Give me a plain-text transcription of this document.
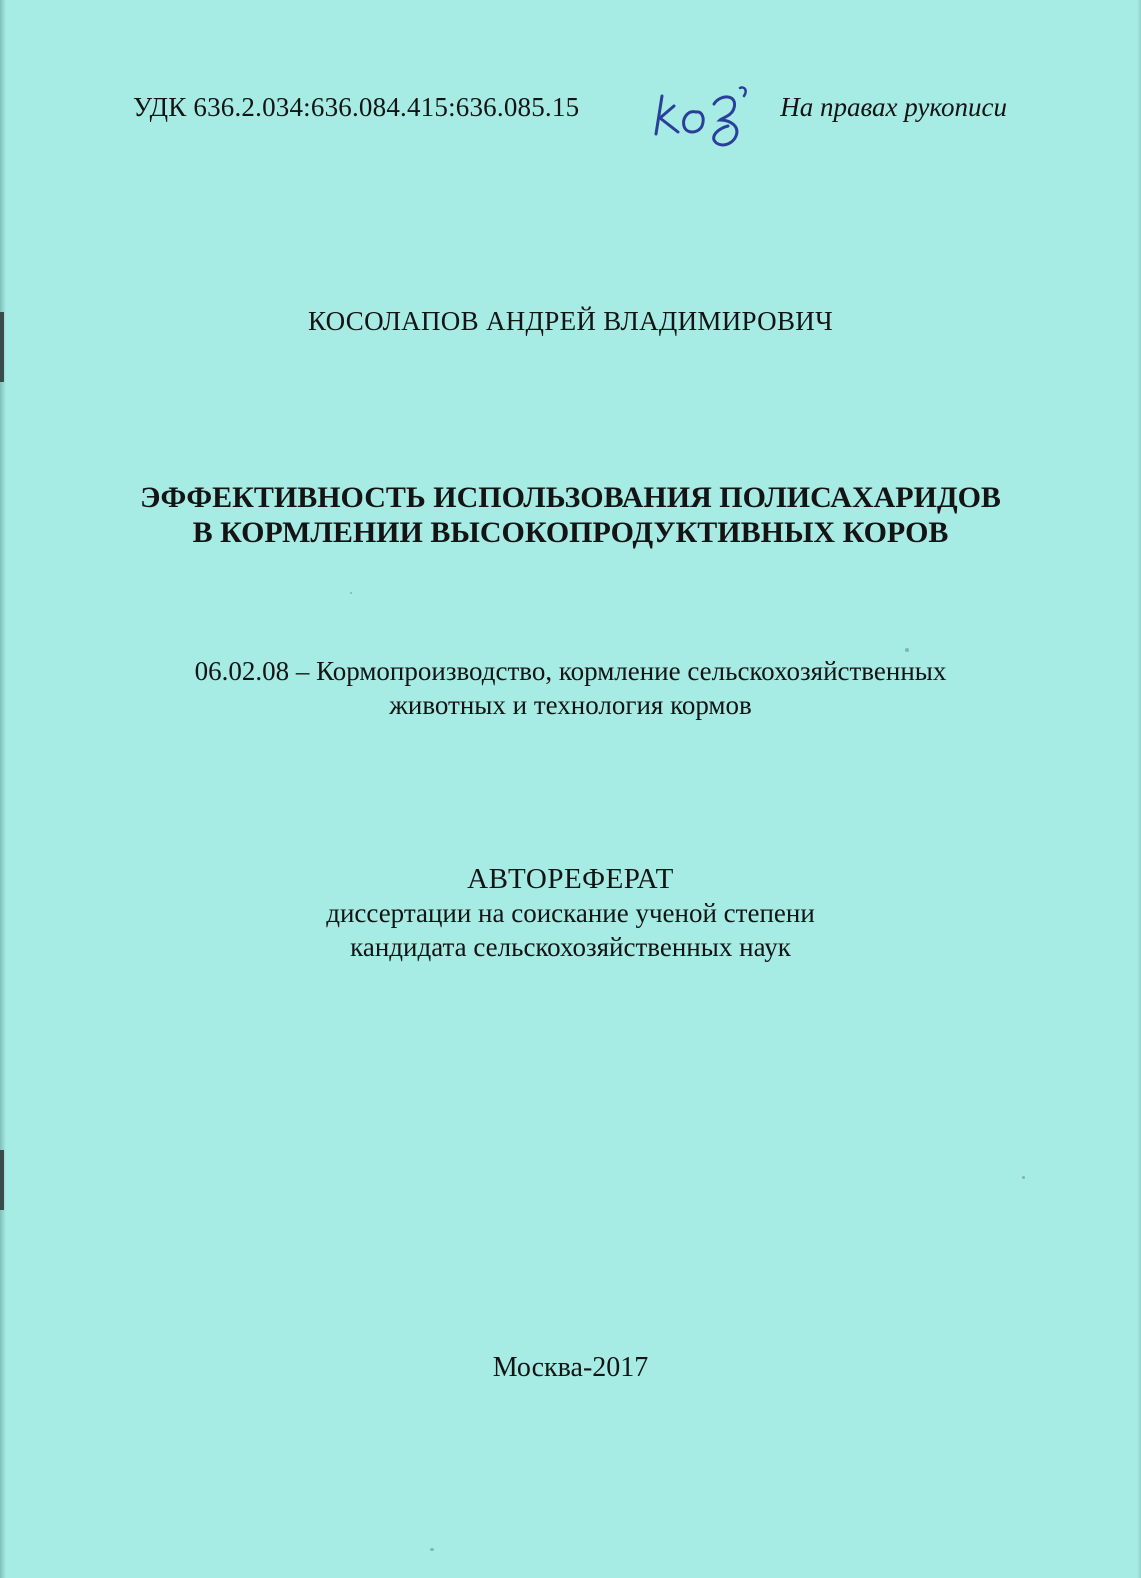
УДК 636.2.034:636.084.415:636.085.15	На правах рукописи
КОСОЛАПОВ АНДРЕЙ ВЛАДИМИРОВИЧ
ЭФФЕКТИВНОСТЬ ИСПОЛЬЗОВАНИЯ ПОЛИСАХАРИДОВ
В КОРМЛЕНИИ ВЫСОКОПРОДУКТИВНЫХ КОРОВ
06.02.08 – Кормопроизводство, кормление сельскохозяйственных
животных и технология кормов
АВТОРЕФЕРАТ
диссертации на соискание ученой степени
кандидата сельскохозяйственных наук
Москва-2017
